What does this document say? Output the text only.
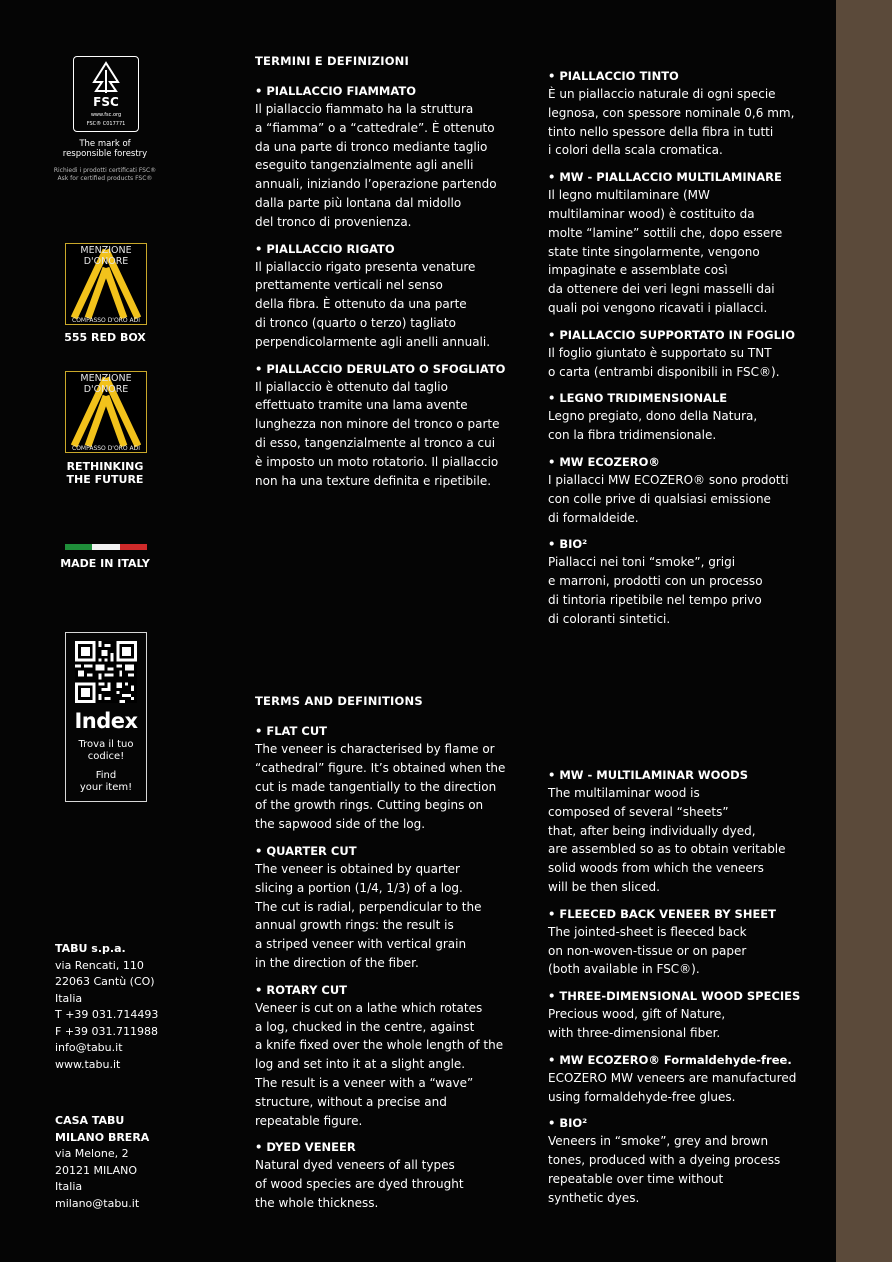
FSC
www.fsc.org
FSC® C017771
The mark of
responsible forestry
Richiedi i prodotti certificati FSC®
Ask for certified products FSC®
MENZIONE
D'ONORE
COMPASSO D'ORO ADI
555 RED BOX
MENZIONE
D'ONORE
COMPASSO D'ORO ADI
RETHINKING
THE FUTURE
MADE IN ITALY
Index
Trova il tuo
codice!
Find
your item!
TABU s.p.a.
via Rencati, 110
22063 Cantù (CO)
Italia
T +39 031.714493
F +39 031.711988
info@tabu.it
www.tabu.it
CASA TABU
MILANO BRERA
via Melone, 2
20121 MILANO
Italia
milano@tabu.it
TERMINI E DEFINIZIONI
• PIALLACCIO FIAMMATO
Il piallaccio fiammato ha la struttura
a “fiamma” o a “cattedrale”. È ottenuto
da una parte di tronco mediante taglio
eseguito tangenzialmente agli anelli
annuali, iniziando l’operazione partendo
dalla parte più lontana dal midollo
del tronco di provenienza.
• PIALLACCIO RIGATO
Il piallaccio rigato presenta venature
prettamente verticali nel senso
della fibra. È ottenuto da una parte
di tronco (quarto o terzo) tagliato
perpendicolarmente agli anelli annuali.
• PIALLACCIO DERULATO O SFOGLIATO
Il piallaccio è ottenuto dal taglio
effettuato tramite una lama avente
lunghezza non minore del tronco o parte
di esso, tangenzialmente al tronco a cui
è imposto un moto rotatorio. Il piallaccio
non ha una texture definita e ripetibile.
• PIALLACCIO TINTO
È un piallaccio naturale di ogni specie
legnosa, con spessore nominale 0,6 mm,
tinto nello spessore della fibra in tutti
i colori della scala cromatica.
• MW - PIALLACCIO MULTILAMINARE
Il legno multilaminare (MW
multilaminar wood) è costituito da
molte “lamine” sottili che, dopo essere
state tinte singolarmente, vengono
impaginate e assemblate così
da ottenere dei veri legni masselli dai
quali poi vengono ricavati i piallacci.
• PIALLACCIO SUPPORTATO IN FOGLIO
Il foglio giuntato è supportato su TNT
o carta (entrambi disponibili in FSC®).
• LEGNO TRIDIMENSIONALE
Legno pregiato, dono della Natura,
con la fibra tridimensionale.
• MW ECOZERO®
I piallacci MW ECOZERO® sono prodotti
con colle prive di qualsiasi emissione
di formaldeide.
• BIO²
Piallacci nei toni “smoke”, grigi
e marroni, prodotti con un processo
di tintoria ripetibile nel tempo privo
di coloranti sintetici.
TERMS AND DEFINITIONS
• FLAT CUT
The veneer is characterised by flame or
“cathedral” figure. It’s obtained when the
cut is made tangentially to the direction
of the growth rings. Cutting begins on
the sapwood side of the log.
• QUARTER CUT
The veneer is obtained by quarter
slicing a portion (1/4, 1/3) of a log.
The cut is radial, perpendicular to the
annual growth rings: the result is
a striped veneer with vertical grain
in the direction of the fiber.
• ROTARY CUT
Veneer is cut on a lathe which rotates
a log, chucked in the centre, against
a knife fixed over the whole length of the
log and set into it at a slight angle.
The result is a veneer with a “wave”
structure, without a precise and
repeatable figure.
• DYED VENEER
Natural dyed veneers of all types
of wood species are dyed throught
the whole thickness.
• MW - MULTILAMINAR WOODS
The multilaminar wood is
composed of several “sheets”
that, after being individually dyed,
are assembled so as to obtain veritable
solid woods from which the veneers
will be then sliced.
• FLEECED BACK VENEER BY SHEET
The jointed-sheet is fleeced back
on non-woven-tissue or on paper
(both available in FSC®).
• THREE-DIMENSIONAL WOOD SPECIES
Precious wood, gift of Nature,
with three-dimensional fiber.
• MW ECOZERO® Formaldehyde-free.
ECOZERO MW veneers are manufactured
using formaldehyde-free glues.
• BIO²
Veneers in “smoke”, grey and brown
tones, produced with a dyeing process
repeatable over time without
synthetic dyes.
